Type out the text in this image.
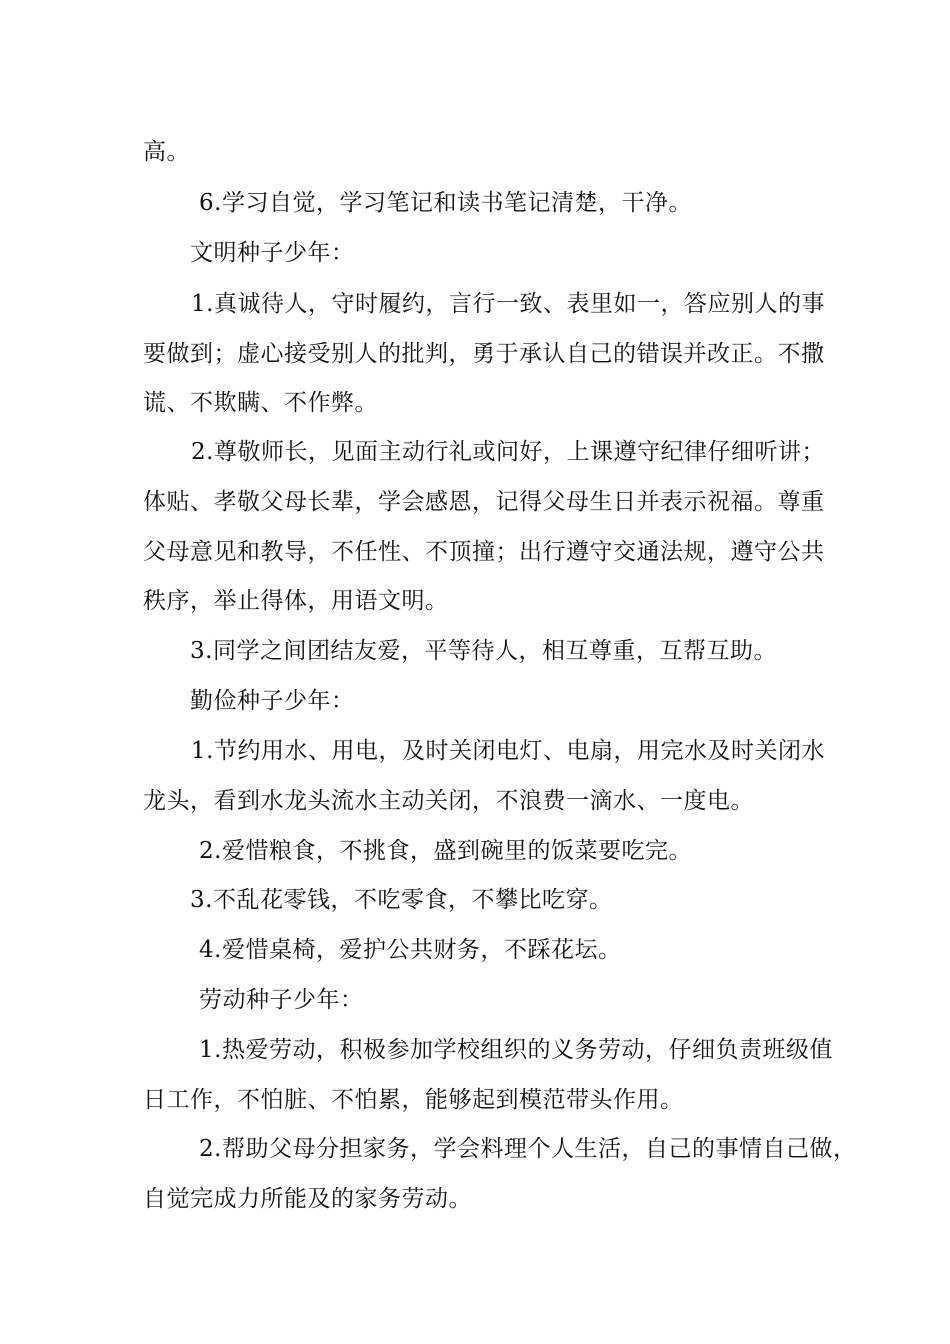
高。
6.学习自觉，学习笔记和读书笔记清楚，干净。
文明种子少年：
1.真诚待人，守时履约，言行一致、表里如一，答应别人的事
要做到；虚心接受别人的批判，勇于承认自己的错误并改正。不撒
谎、不欺瞒、不作弊。
2.尊敬师长，见面主动行礼或问好，上课遵守纪律仔细听讲；
体贴、孝敬父母长辈，学会感恩，记得父母生日并表示祝福。尊重
父母意见和教导，不任性、不顶撞；出行遵守交通法规，遵守公共
秩序，举止得体，用语文明。
3.同学之间团结友爱，平等待人，相互尊重，互帮互助。
勤俭种子少年：
1.节约用水、用电，及时关闭电灯、电扇，用完水及时关闭水
龙头，看到水龙头流水主动关闭，不浪费一滴水、一度电。
2.爱惜粮食，不挑食，盛到碗里的饭菜要吃完。
3.不乱花零钱，不吃零食，不攀比吃穿。
4.爱惜桌椅，爱护公共财务，不踩花坛。
劳动种子少年：
1.热爱劳动，积极参加学校组织的义务劳动，仔细负责班级值
日工作，不怕脏、不怕累，能够起到模范带头作用。
2.帮助父母分担家务，学会料理个人生活，自己的事情自己做，
自觉完成力所能及的家务劳动。
